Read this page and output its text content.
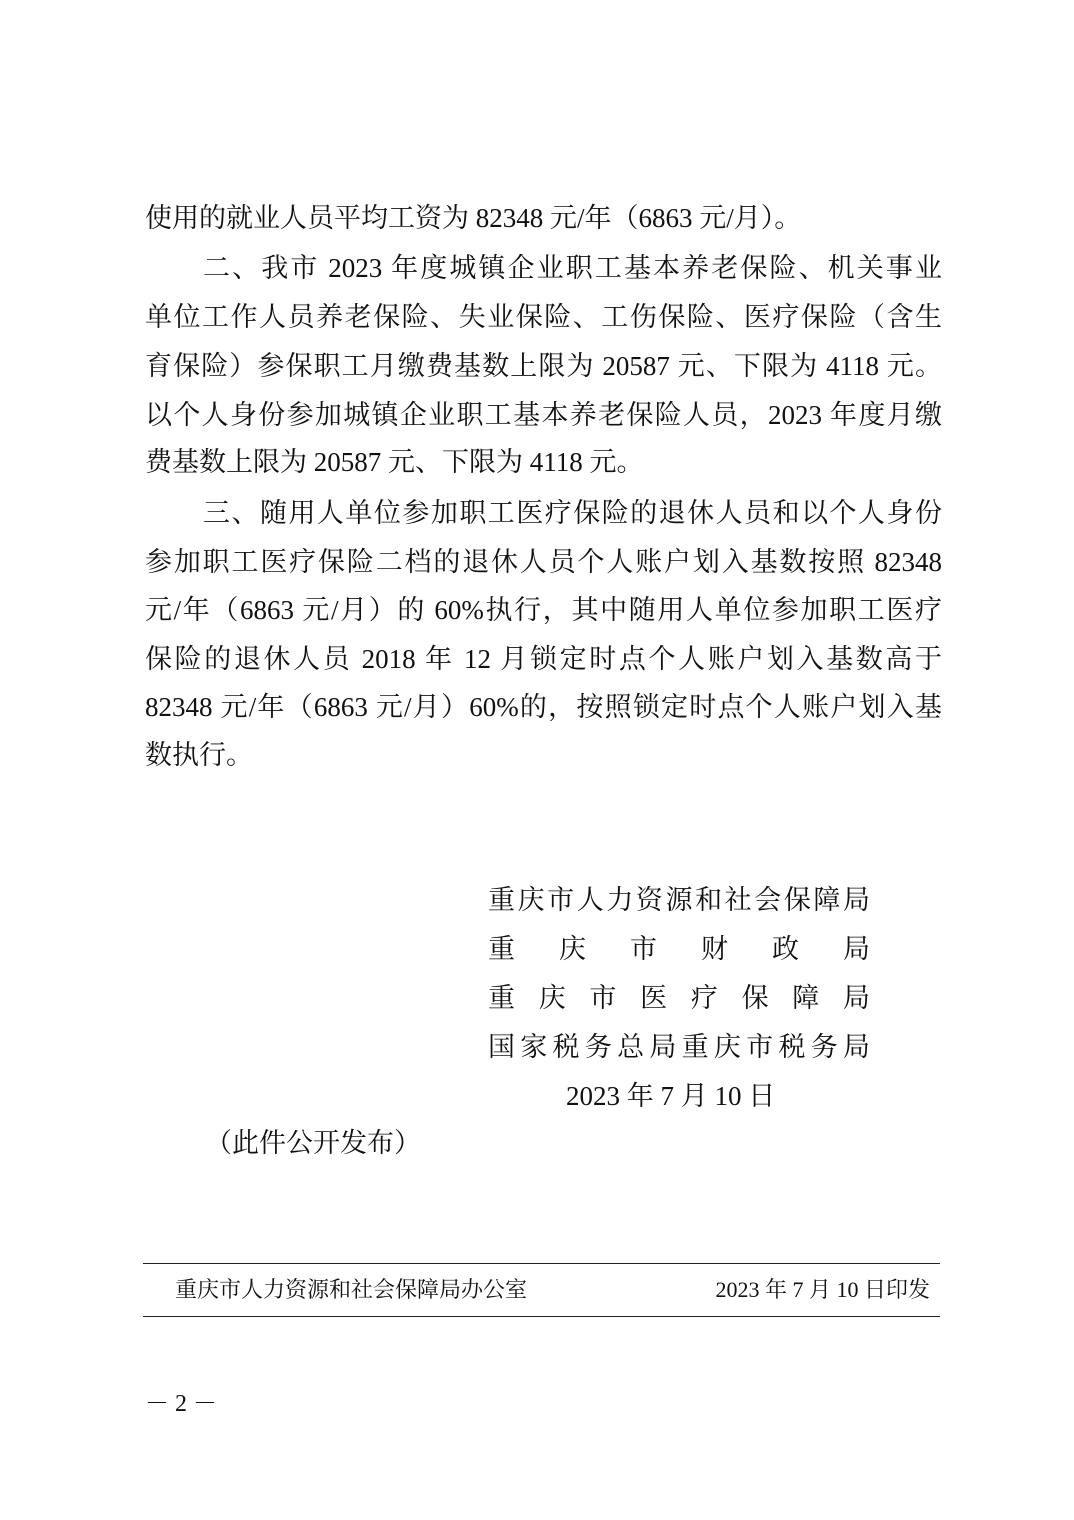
使用的就业人员平均工资为 82348 元/年（6863 元/月）。
二、我市 2023 年度城镇企业职工基本养老保险、机关事业
单位工作人员养老保险、失业保险、工伤保险、医疗保险（含生
育保险）参保职工月缴费基数上限为 20587 元、下限为 4118 元。
以个人身份参加城镇企业职工基本养老保险人员，2023 年度月缴
费基数上限为 20587 元、下限为 4118 元。
三、随用人单位参加职工医疗保险的退休人员和以个人身份
参加职工医疗保险二档的退休人员个人账户划入基数按照 82348
元/年（6863 元/月）的 60%执行，其中随用人单位参加职工医疗
保险的退休人员 2018 年 12 月锁定时点个人账户划入基数高于
82348 元/年（6863 元/月）60%的，按照锁定时点个人账户划入基
数执行。
重庆市人力资源和社会保障局
重庆市财政局
重庆市医疗保障局
国家税务总局重庆市税务局
2023 年 7 月 10 日
（此件公开发布）
重庆市人力资源和社会保障局办公室	2023 年 7 月 10 日印发
－ 2 －
